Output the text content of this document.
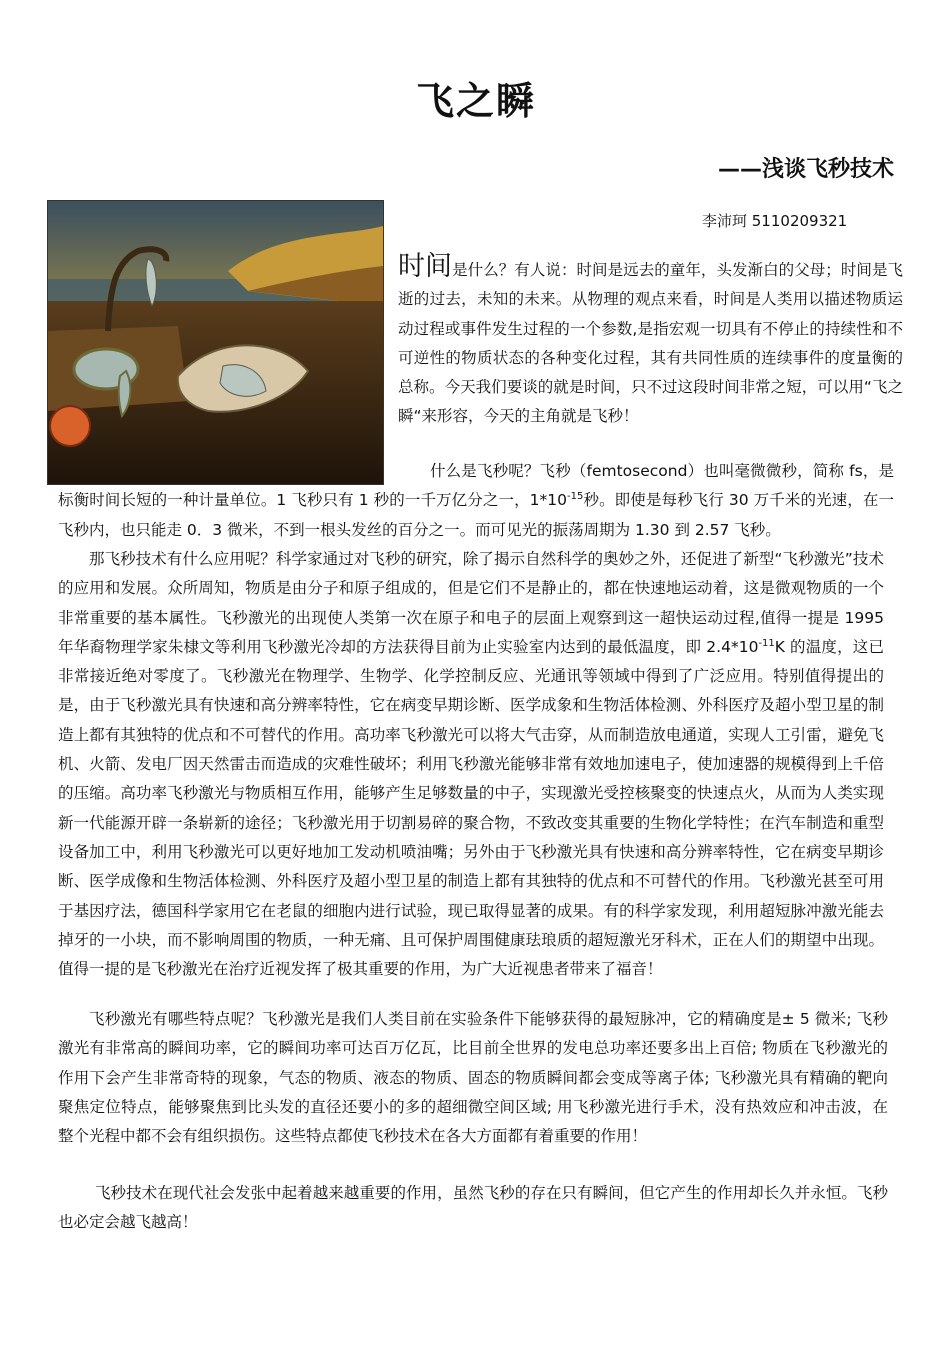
飞之瞬
——浅谈飞秒技术
李沛珂 5110209321

时间是什么？有人说：时间是远去的童年，头发渐白的父母；时间是飞逝的过去，未知的未来。从物理的观点来看，时间是人类用以描述物质运动过程或事件发生过程的一个参数,是指宏观一切具有不停止的持续性和不可逆性的物质状态的各种变化过程，其有共同性质的连续事件的度量衡的总称。今天我们要谈的就是时间，只不过这段时间非常之短，可以用“飞之瞬“来形容，今天的主角就是飞秒！

什么是飞秒呢？飞秒（femtosecond）也叫毫微微秒，简称 fs，是标衡时间长短的一种计量单位。1 飞秒只有 1 秒的一千万亿分之一，$1*10^{-15}$秒。即使是每秒飞行 30 万千米的光速，在一飞秒内，也只能走 0．3 微米，不到一根头发丝的百分之一。而可见光的振荡周期为 1.30 到 2.57 飞秒。

那飞秒技术有什么应用呢？科学家通过对飞秒的研究，除了揭示自然科学的奥妙之外，还促进了新型“飞秒激光”技术的应用和发展。众所周知，物质是由分子和原子组成的，但是它们不是静止的，都在快速地运动着，这是微观物质的一个非常重要的基本属性。飞秒激光的出现使人类第一次在原子和电子的层面上观察到这一超快运动过程,值得一提是 1995 年华裔物理学家朱棣文等利用飞秒激光冷却的方法获得目前为止实验室内达到的最低温度，即 $2.4*10^{-11}K$ 的温度，这已非常接近绝对零度了。飞秒激光在物理学、生物学、化学控制反应、光通讯等领域中得到了广泛应用。特别值得提出的是，由于飞秒激光具有快速和高分辨率特性，它在病变早期诊断、医学成象和生物活体检测、外科医疗及超小型卫星的制造上都有其独特的优点和不可替代的作用。高功率飞秒激光可以将大气击穿，从而制造放电通道，实现人工引雷，避免飞机、火箭、发电厂因天然雷击而造成的灾难性破坏；利用飞秒激光能够非常有效地加速电子，使加速器的规模得到上千倍的压缩。高功率飞秒激光与物质相互作用，能够产生足够数量的中子，实现激光受控核聚变的快速点火，从而为人类实现新一代能源开辟一条崭新的途径；飞秒激光用于切割易碎的聚合物，不致改变其重要的生物化学特性；在汽车制造和重型设备加工中，利用飞秒激光可以更好地加工发动机喷油嘴；另外由于飞秒激光具有快速和高分辨率特性，它在病变早期诊断、医学成像和生物活体检测、外科医疗及超小型卫星的制造上都有其独特的优点和不可替代的作用。飞秒激光甚至可用于基因疗法，德国科学家用它在老鼠的细胞内进行试验，现已取得显著的成果。有的科学家发现，利用超短脉冲激光能去掉牙的一小块，而不影响周围的物质，一种无痛、且可保护周围健康珐琅质的超短激光牙科术，正在人们的期望中出现。值得一提的是飞秒激光在治疗近视发挥了极其重要的作用，为广大近视患者带来了福音！

飞秒激光有哪些特点呢？飞秒激光是我们人类目前在实验条件下能够获得的最短脉冲，它的精确度是± 5 微米; 飞秒激光有非常高的瞬间功率，它的瞬间功率可达百万亿瓦，比目前全世界的发电总功率还要多出上百倍; 物质在飞秒激光的作用下会产生非常奇特的现象，气态的物质、液态的物质、固态的物质瞬间都会变成等离子体; 飞秒激光具有精确的靶向聚焦定位特点，能够聚焦到比头发的直径还要小的多的超细微空间区域; 用飞秒激光进行手术，没有热效应和冲击波，在整个光程中都不会有组织损伤。这些特点都使飞秒技术在各大方面都有着重要的作用！

飞秒技术在现代社会发张中起着越来越重要的作用，虽然飞秒的存在只有瞬间，但它产生的作用却长久并永恒。飞秒也必定会越飞越高！
